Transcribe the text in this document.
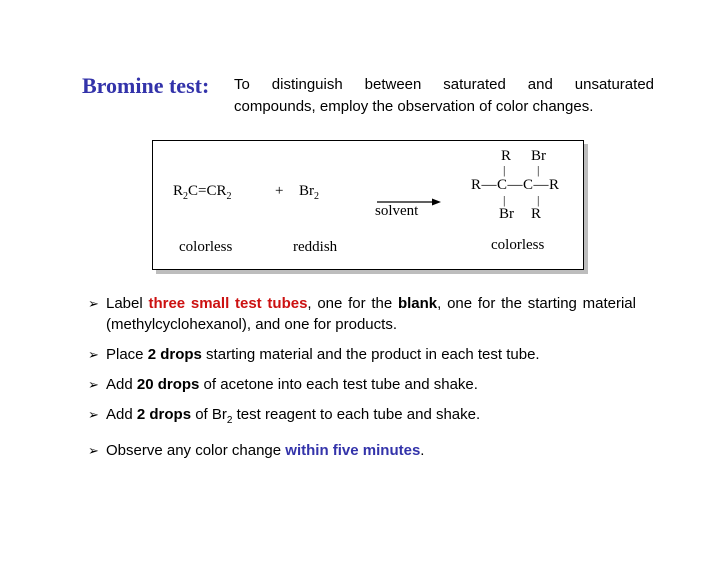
Bromine test: To distinguish between saturated and unsaturated
compounds, employ the observation of color changes.
$R_2C=CR_2$	+ $Br_2$
solvent
R Br
|	|
R—C—C—R
|	|
Br R
colorless	reddish	colorless
➢ Label three small test tubes, one for the blank, one for the starting material (methylcyclohexanol), and one for products.
➢ Place 2 drops starting material and the product in each test tube.
➢ Add 20 drops of acetone into each test tube and shake.
➢ Add 2 drops of $Br_2$ test reagent to each tube and shake.
➢ Observe any color change within five minutes.
